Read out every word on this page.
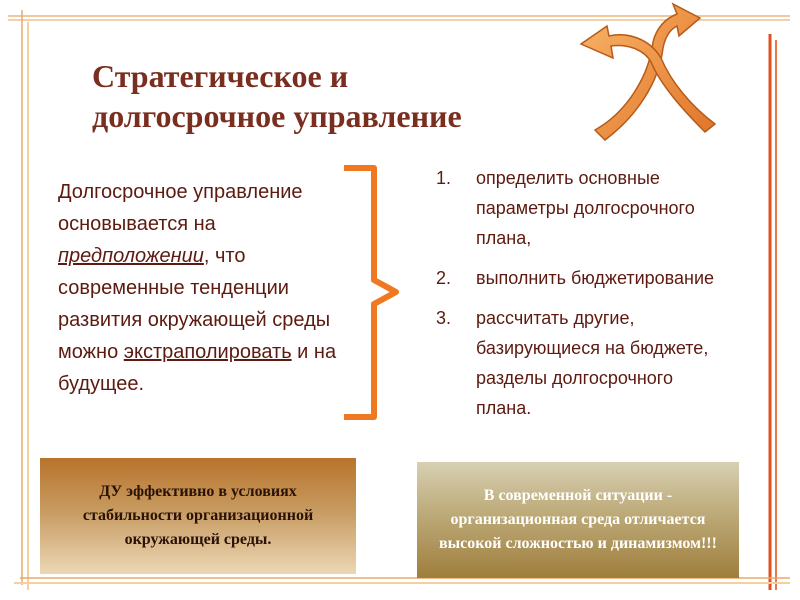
Стратегическое и
долгосрочное управление
Долгосрочное управление основывается на предположении, что современные тенденции развития окружающей среды можно экстраполировать и на будущее.
1. определить основные параметры долгосрочного плана,
2. выполнить бюджетирование
3. рассчитать другие, базирующиеся на бюджете, разделы долгосрочного плана.
ДУ эффективно в условиях стабильности организационной окружающей среды.
В современной ситуации - организационная среда отличается высокой сложностью и динамизмом!!!
